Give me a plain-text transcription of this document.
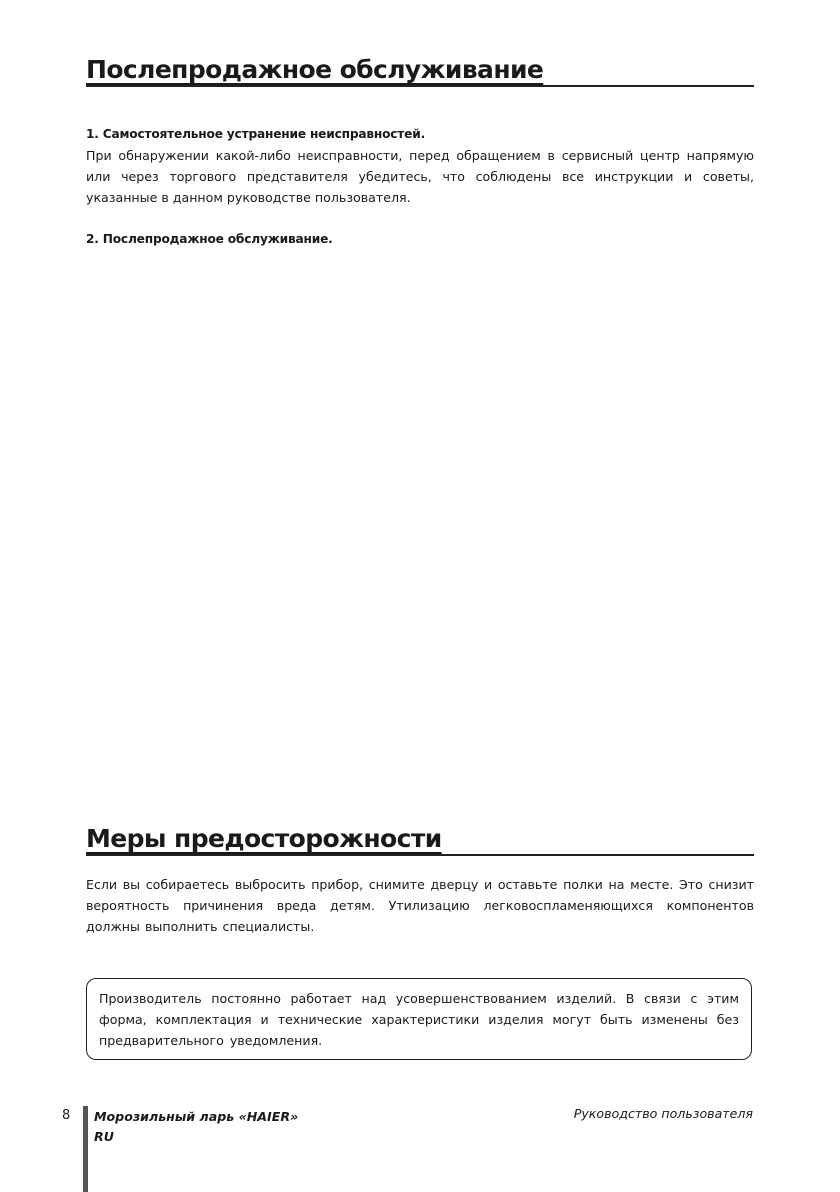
Послепродажное обслуживание
1. Самостоятельное устранение неисправностей.
При обнаружении какой-либо неисправности, перед обращением в сервисный центр напрямую или через торгового представителя убедитесь, что соблюдены все инструкции и советы, указанные в данном руководстве пользователя.
2. Послепродажное обслуживание.
Меры предосторожности
Если вы собираетесь выбросить прибор, снимите дверцу и оставьте полки на месте. Это снизит вероятность причинения вреда детям. Утилизацию легковоспламеняющихся компонентов должны выполнить специалисты.
Производитель постоянно работает над усовершенствованием изделий. В связи с этим форма, комплектация и технические характеристики изделия могут быть изменены без предварительного уведомления.
8 Морозильный ларь «HAIER»
RU
Руководство пользователя
